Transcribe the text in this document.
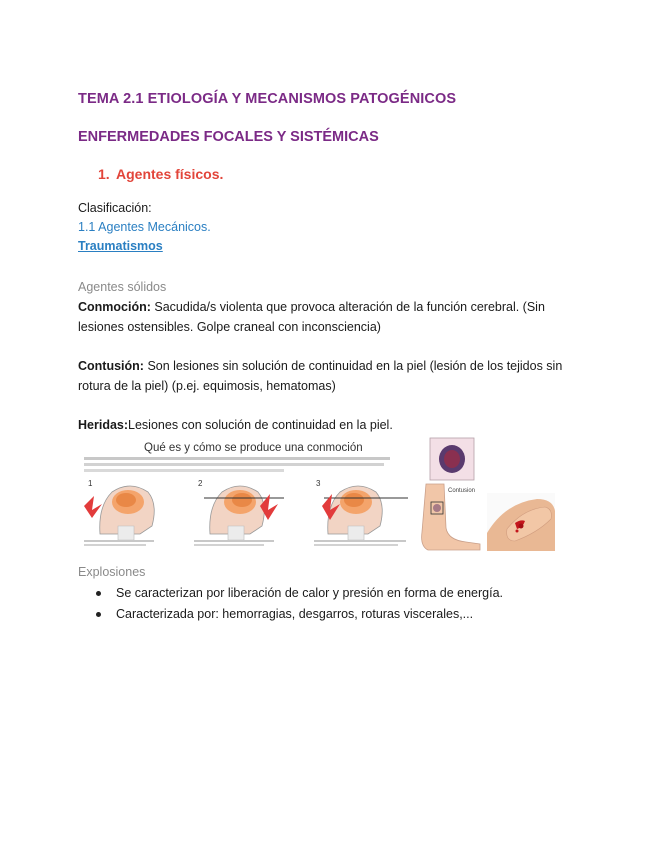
TEMA 2.1 ETIOLOGÍA Y MECANISMOS PATOGÉNICOS
ENFERMEDADES FOCALES Y SISTÉMICAS
1. Agentes físicos.
Clasificación:
1.1 Agentes Mecánicos.
Traumatismos
Agentes sólidos
Conmoción: Sacudida/s violenta que provoca alteración de la función cerebral. (Sin lesiones ostensibles. Golpe craneal con inconsciencia)
Contusión: Son lesiones sin solución de continuidad en la piel (lesión de los tejidos sin rotura de la piel) (p.ej. equimosis, hematomas)
Heridas:Lesiones con solución de continuidad en la piel.
Qué es y cómo se produce una conmoción
1	2	3
Contusion
Explosiones
Se caracterizan por liberación de calor y presión en forma de energía.
Caracterizada por: hemorragias, desgarros, roturas viscerales,...
